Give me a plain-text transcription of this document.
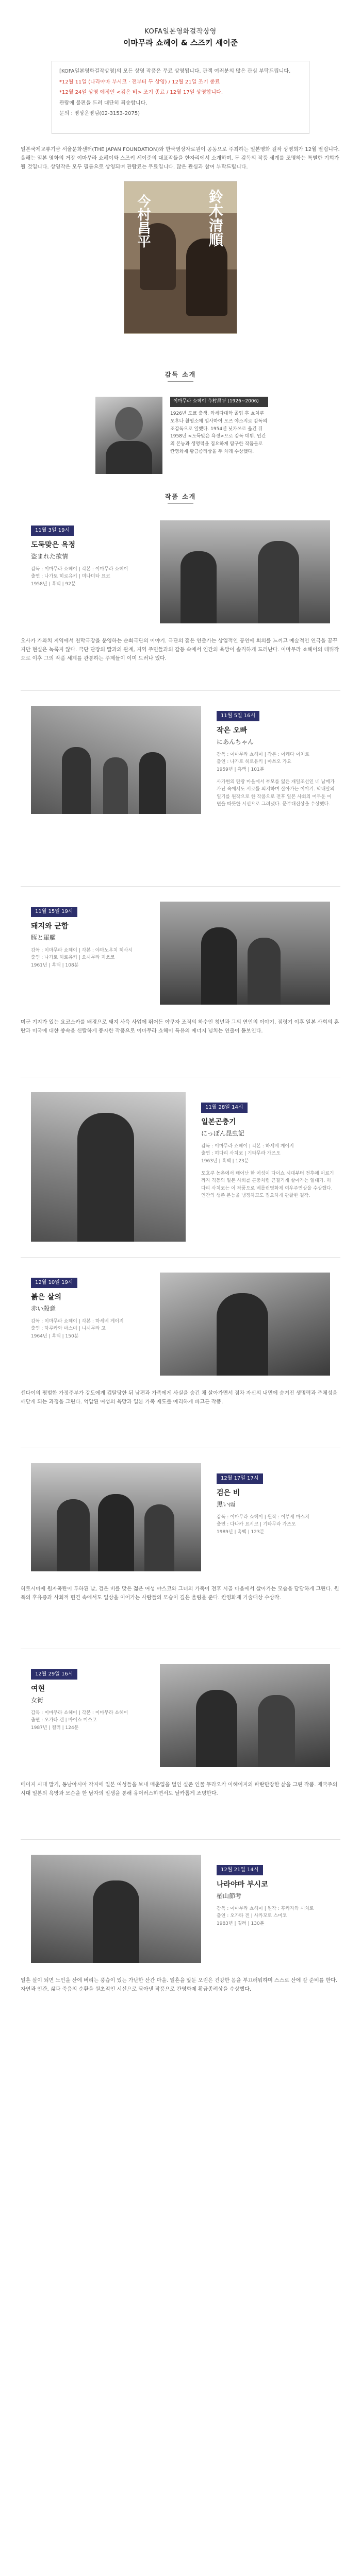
KOFA일본영화걸작상영
이마무라 쇼헤이 & 스즈키 세이준

[KOFA일본영화걸작상영]의 모든 상영 작품은 무료 상영됩니다. 관객 여러분의 많은 관심 부탁드립니다.

*12월 11일 (나라야마 부시코 · 전부터 두 상영) / 12월 21일 조기 종료

*12월 24일 상영 예정인 <검은 비> 조기 종료 / 12월 17일 상영합니다.

관람에 불편을 드려 대단히 죄송합니다.

문의 : 영상운영팀(02-3153-2075)

일본국제교류기금 서울문화센터(THE JAPAN FOUNDATION)와 한국영상자료원이 공동으로 주최하는 일본영화 걸작 상영회가 12월 열립니다. 올해는 일본 영화의 거장 이마무라 쇼헤이와 스즈키 세이준의 대표작들을 한자리에서 소개하며, 두 감독의 작품 세계를 조명하는 특별한 기회가 될 것입니다. 상영작은 모두 필름으로 상영되며 관람료는 무료입니다. 많은 관심과 참여 부탁드립니다.
今村昌平	鈴木清順
감독 소개
이마무라 쇼헤이 今村昌平 (1926~2006)
1926년 도쿄 출생. 와세다대학 졸업 후 쇼치쿠 오후나 촬영소에 입사하여 오즈 야스지로 감독의 조감독으로 일했다. 1954년 닛카쓰로 옮긴 뒤 1958년 <도둑맞은 욕정>으로 감독 데뷔. 인간의 본능과 생명력을 집요하게 탐구한 작품들로 칸영화제 황금종려상을 두 차례 수상했다.
작품 소개
11월 3일 19시
도둑맞은 욕정
盗まれた欲情
감독 : 이마무라 쇼헤이 | 각본 : 이마무라 쇼헤이
출연 : 나가토 히로유키 | 미나미타 요코
1958년 | 흑백 | 92분
오사카 가와치 지역에서 천막극장을 운영하는 순회극단의 이야기. 극단의 젊은 연출가는 상업적인 공연에 회의를 느끼고 예술적인 연극을 꿈꾸지만 현실은 녹록지 않다. 극단 단장의 딸과의 관계, 지역 주민들과의 갈등 속에서 인간의 욕망이 솔직하게 드러난다. 이마무라 쇼헤이의 데뷔작으로 이후 그의 작품 세계를 관통하는 주제들이 이미 드러나 있다.
11월 5일 16시
작은 오빠
にあんちゃん
감독 : 이마무라 쇼헤이 | 각본 : 이케다 이치로
출연 : 나가토 히로유키 | 마쓰오 가요
1959년 | 흑백 | 101분
사가현의 탄광 마을에서 부모를 잃은 재일조선인 네 남매가 가난 속에서도 서로를 의지하며 살아가는 이야기. 막내딸의 일기를 원작으로 한 작품으로 전후 일본 사회의 어두운 이면을 따뜻한 시선으로 그려냈다. 문부대신상을 수상했다.
11월 15일 19시
돼지와 군함
豚と軍艦
감독 : 이마무라 쇼헤이 | 각본 : 야마노우치 히사시
출연 : 나가토 히로유키 | 요시무라 지쓰코
1961년 | 흑백 | 108분
미군 기지가 있는 요코스카를 배경으로 돼지 사육 사업에 뛰어든 야쿠자 조직의 하수인 청년과 그의 연인의 이야기. 점령기 이후 일본 사회의 혼란과 미국에 대한 종속을 신랄하게 풍자한 작품으로 이마무라 쇼헤이 특유의 에너지 넘치는 연출이 돋보인다.
11월 28일 14시
일본곤충기
にっぽん昆虫記
감독 : 이마무라 쇼헤이 | 각본 : 하세베 게이지
출연 : 히다리 사치코 | 기타무라 가즈오
1963년 | 흑백 | 123분
도호쿠 농촌에서 태어난 한 여성이 다이쇼 시대부터 전후에 이르기까지 격동의 일본 사회를 곤충처럼 끈질기게 살아가는 일대기. 히다리 사치코는 이 작품으로 베를린영화제 여우주연상을 수상했다. 인간의 생존 본능을 냉정하고도 집요하게 관찰한 걸작.
12월 10일 19시
붉은 살의
赤い殺意
감독 : 이마무라 쇼헤이 | 각본 : 하세베 게이지
출연 : 하루카와 마스미 | 니시무라 고
1964년 | 흑백 | 150분
센다이의 평범한 가정주부가 강도에게 겁탈당한 뒤 남편과 가족에게 사실을 숨긴 채 살아가면서 점차 자신의 내면에 숨겨진 생명력과 주체성을 깨닫게 되는 과정을 그린다. 억압된 여성의 욕망과 일본 가족 제도를 예리하게 파고든 작품.
12월 17일 17시
검은 비
黒い雨
감독 : 이마무라 쇼헤이 | 원작 : 이부세 마스지
출연 : 다나카 요시코 | 기타무라 가즈오
1989년 | 흑백 | 123분
히로시마에 원자폭탄이 투하된 날, 검은 비를 맞은 젊은 여성 야스코와 그녀의 가족이 전후 시골 마을에서 살아가는 모습을 담담하게 그린다. 원폭의 후유증과 사회적 편견 속에서도 일상을 이어가는 사람들의 모습이 깊은 울림을 준다. 칸영화제 기술대상 수상작.
12월 29일 16시
여현
女衒
감독 : 이마무라 쇼헤이 | 각본 : 이마무라 쇼헤이
출연 : 오가타 겐 | 바이쇼 미쓰코
1987년 | 컬러 | 124분
메이지 시대 말기, 동남아시아 각지에 일본 여성들을 보내 매춘업을 벌인 실존 인물 무라오카 이헤이지의 파란만장한 삶을 그린 작품. 제국주의 시대 일본의 욕망과 모순을 한 남자의 일생을 통해 유머러스하면서도 날카롭게 조명한다.
12월 21일 14시
나라야마 부시코
楢山節考
감독 : 이마무라 쇼헤이 | 원작 : 후카자와 시치로
출연 : 오가타 겐 | 사카모토 스미코
1983년 | 컬러 | 130분
일흔 살이 되면 노인을 산에 버리는 풍습이 있는 가난한 산간 마을. 일흔을 앞둔 오린은 건강한 몸을 부끄러워하며 스스로 산에 갈 준비를 한다. 자연과 인간, 삶과 죽음의 순환을 원초적인 시선으로 담아낸 작품으로 칸영화제 황금종려상을 수상했다.
